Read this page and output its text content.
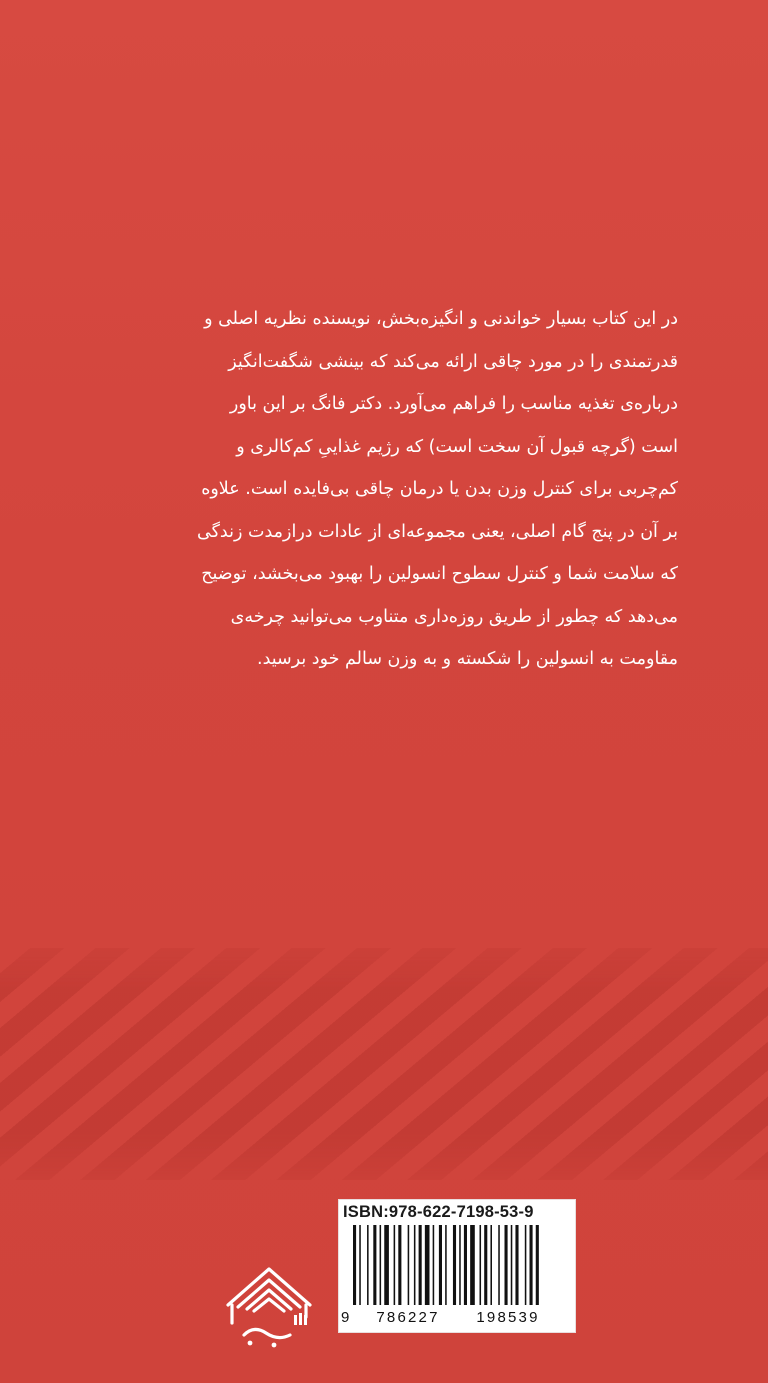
در این کتاب بسیار خواندنی و انگیزه‌بخش، نویسنده نظریه اصلی و
قدرتمندی را در مورد چاقی ارائه می‌کند که بینشی شگفت‌انگیز
درباره‌ی تغذیه مناسب را فراهم می‌آورد. دکتر فانگ بر این باور
است (گرچه قبول آن سخت است) که رژیم غذاییِ کم‌کالری و
کم‌چربی برای کنترل وزن بدن یا درمان چاقی بی‌فایده است. علاوه
بر آن در پنج گام اصلی، یعنی مجموعه‌ای از عادات درازمدت زندگی
که سلامت شما و کنترل سطوح انسولین را بهبود می‌بخشد، توضیح
می‌دهد که چطور از طریق روزه‌داری متناوب می‌توانید چرخه‌ی
مقاومت به انسولین را شکسته و به وزن سالم خود برسید.
ISBN:978-622-7198-53-9
9	786227	198539
